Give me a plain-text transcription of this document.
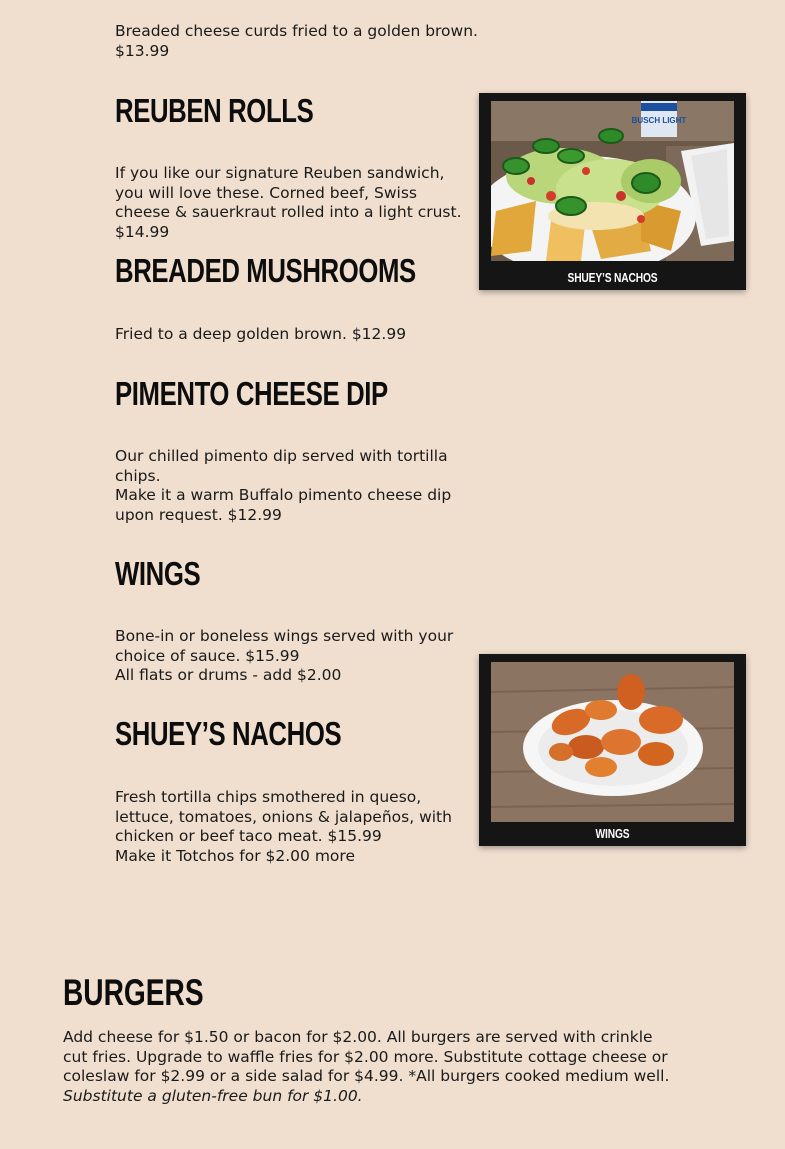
Breaded cheese curds fried to a golden brown.

$13.99

REUBEN ROLLS

If you like our signature Reuben sandwich, you will love these. Corned beef, Swiss cheese & sauerkraut rolled into a light crust. $14.99

BREADED MUSHROOMS

Fried to a deep golden brown. $12.99

PIMENTO CHEESE DIP

Our chilled pimento dip served with tortilla chips.

Make it a warm Buffalo pimento cheese dip upon request. $12.99

WINGS

Bone-in or boneless wings served with your choice of sauce. $15.99

All flats or drums - add $2.00

SHUEY’S NACHOS

Fresh tortilla chips smothered in queso, lettuce, tomatoes, onions & jalapeños, with chicken or beef taco meat. $15.99

Make it Totchos for $2.00 more

BUSCH LIGHT
SHUEY’S NACHOS
WINGS
BURGERS

Add cheese for $1.50 or bacon for $2.00. All burgers are served with crinkle cut fries. Upgrade to waffle fries for $2.00 more. Substitute cottage cheese or coleslaw for $2.99 or a side salad for $4.99. *All burgers cooked medium well.

Substitute a gluten-free bun for $1.00.
